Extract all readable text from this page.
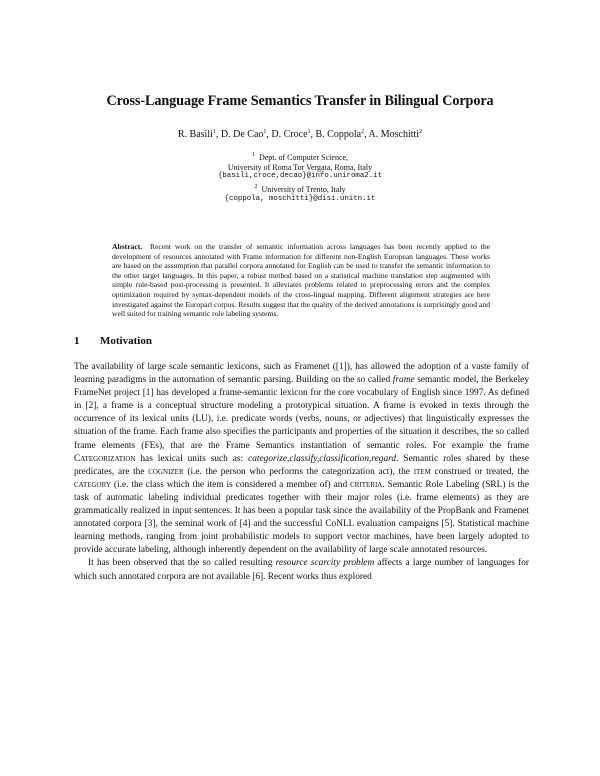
Cross-Language Frame Semantics Transfer in Bilingual Corpora
R. Basili$^1$, D. De Cao$^1$, D. Croce$^1$, B. Coppola$^2$, A. Moschitti$^2$
$^1$ Dept. of Computer Science,
University of Roma Tor Vergata, Roma, Italy
{basili,croce,decao}@info.uniroma2.it
$^2$ University of Trento, Italy
{coppola, moschitti}@disi.unitn.it
Abstract. Recent work on the transfer of semantic information across languages has been recently applied to the development of resources annotated with Frame information for different non-English European languages. These works are based on the assumption that parallel corpora annotated for English can be used to transfer the semantic information to the other target languages. In this paper, a robust method based on a statistical machine translation step augmented with simple rule-based post-processing is presented. It alleviates problems related to preprocessing errors and the complex optimization required by syntax-dependent models of the cross-lingual mapping. Different alignment strategies are here investigated against the Europarl corpus. Results suggest that the quality of the derived annotations is surprisingly good and well suited for training semantic role labeling systems.
1 Motivation

The availability of large scale semantic lexicons, such as Framenet ([1]), has allowed the adoption of a vaste family of learning paradigms in the automation of semantic parsing. Building on the so called frame semantic model, the Berkeley FrameNet project [1] has developed a frame-semantic lexicon for the core vocabulary of English since 1997. As defined in [2], a frame is a conceptual structure modeling a prototypical situation. A frame is evoked in texts through the occurrence of its lexical units (LU), i.e. predicate words (verbs, nouns, or adjectives) that linguistically expresses the situation of the frame. Each frame also specifies the participants and properties of the situation it describes, the so called frame elements (FEs), that are the Frame Semantics instantiation of semantic roles. For example the frame Categorization has lexical units such as: categorize,classify,classification,regard. Semantic roles shared by these predicates, are the cognizer (i.e. the person who performs the categorization act), the item construed or treated, the category (i.e. the class which the item is considered a member of) and criteria. Semantic Role Labeling (SRL) is the task of automatic labeling individual predicates together with their major roles (i.e. frame elements) as they are grammatically realized in input sentences. It has been a popular task since the availability of the PropBank and Framenet annotated corpora [3], the seminal work of [4] and the successful CoNLL evaluation campaigns [5]. Statistical machine learning methods, ranging from joint probabilistic models to support vector machines, have been largely adopted to provide accurate labeling, although inherently dependent on the availability of large scale annotated resources.

It has been observed that the so called resulting resource scarcity problem affects a large number of languages for which such annotated corpora are not available [6]. Recent works thus explored
